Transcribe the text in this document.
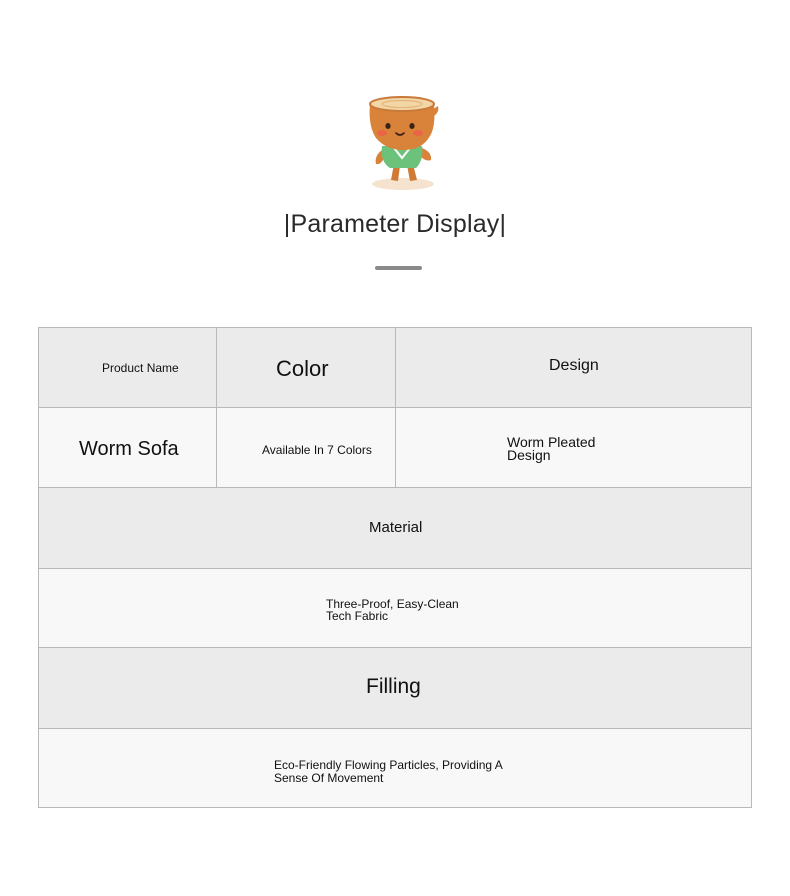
|Parameter Display|
Product Name	Color	Design
Worm Sofa	Available In 7 Colors	Worm Pleated
Design
Material
Three-Proof, Easy-Clean
Tech Fabric
Filling
Eco-Friendly Flowing Particles, Providing A
Sense Of Movement
